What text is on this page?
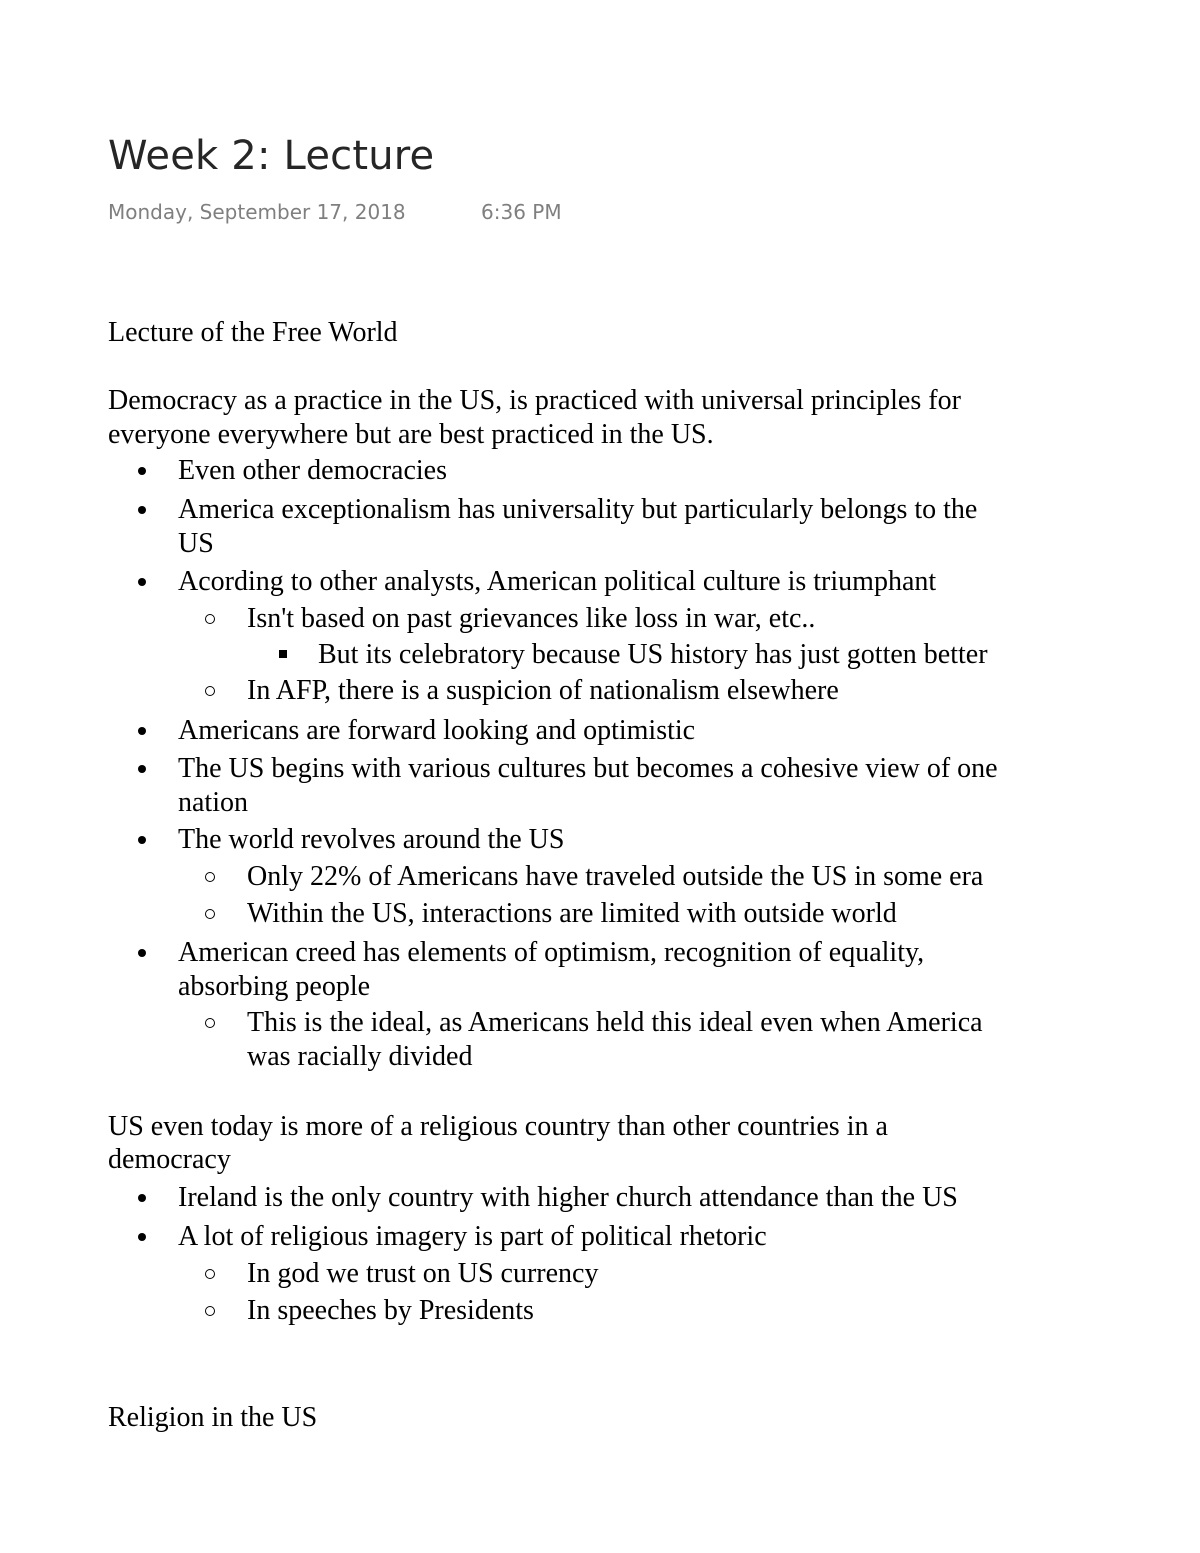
Week 2: Lecture
Monday, September 17, 2018	6:36 PM
Lecture of the Free World
Democracy as a practice in the US, is practiced with universal principles for
everyone everywhere but are best practiced in the US.
Even other democracies
America exceptionalism has universality but particularly belongs to the
US
Acording to other analysts, American political culture is triumphant
Isn't based on past grievances like loss in war, etc..
But its celebratory because US history has just gotten better
In AFP, there is a suspicion of nationalism elsewhere
Americans are forward looking and optimistic
The US begins with various cultures but becomes a cohesive view of one
nation
The world revolves around the US
Only 22% of Americans have traveled outside the US in some era
Within the US, interactions are limited with outside world
American creed has elements of optimism, recognition of equality,
absorbing people
This is the ideal, as Americans held this ideal even when America
was racially divided
US even today is more of a religious country than other countries in a
democracy
Ireland is the only country with higher church attendance than the US
A lot of religious imagery is part of political rhetoric
In god we trust on US currency
In speeches by Presidents
Religion in the US
